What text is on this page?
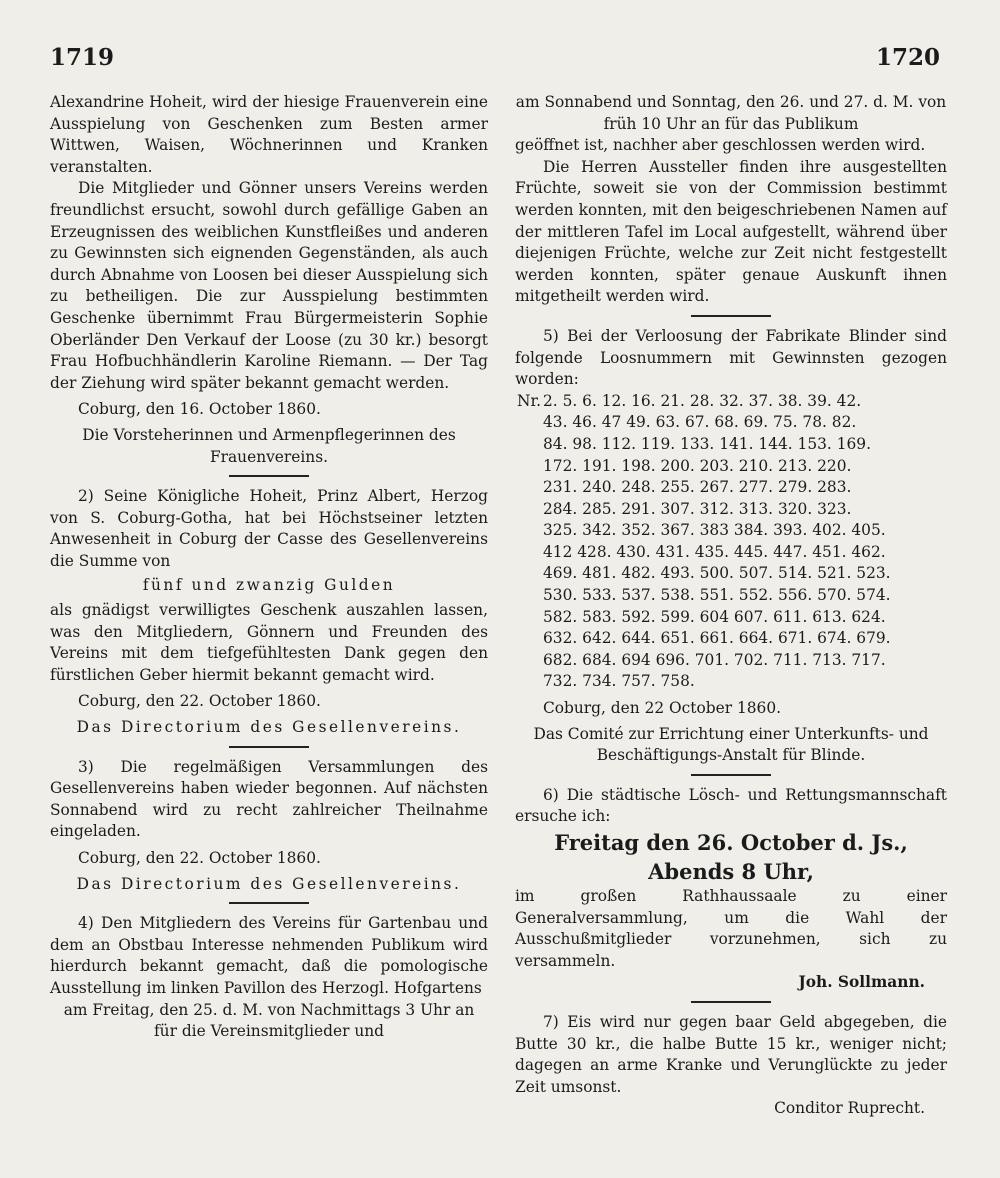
1719	1720

Alexandrine Hoheit, wird der hiesige Frauenverein eine Ausspielung von Geschenken zum Besten armer Wittwen, Waisen, Wöchnerinnen und Kranken veranstalten.

Die Mitglieder und Gönner unsers Vereins werden freundlichst ersucht, sowohl durch gefällige Gaben an Erzeugnissen des weiblichen Kunstfleißes und anderen zu Gewinnsten sich eignenden Gegenständen, als auch durch Abnahme von Loosen bei dieser Ausspielung sich zu betheiligen. Die zur Ausspielung bestimmten Geschenke übernimmt Frau Bürgermeisterin Sophie Oberländer Den Verkauf der Loose (zu 30 kr.) besorgt Frau Hofbuchhändlerin Karoline Riemann. — Der Tag der Ziehung wird später bekannt gemacht werden.

Coburg, den 16. October 1860.

Die Vorsteherinnen und Armenpflegerinnen des Frauenvereins.

2) Seine Königliche Hoheit, Prinz Albert, Herzog von S. Coburg-Gotha, hat bei Höchstseiner letzten Anwesenheit in Coburg der Casse des Gesellenvereins die Summe von

fünf und zwanzig Gulden

als gnädigst verwilligtes Geschenk auszahlen lassen, was den Mitgliedern, Gönnern und Freunden des Vereins mit dem tiefgefühltesten Dank gegen den fürstlichen Geber hiermit bekannt gemacht wird.

Coburg, den 22. October 1860.

Das Directorium des Gesellenvereins.

3) Die regelmäßigen Versammlungen des Gesellenvereins haben wieder begonnen. Auf nächsten Sonnabend wird zu recht zahlreicher Theilnahme eingeladen.

Coburg, den 22. October 1860.

Das Directorium des Gesellenvereins.

4) Den Mitgliedern des Vereins für Gartenbau und dem an Obstbau Interesse nehmenden Publikum wird hierdurch bekannt gemacht, daß die pomologische Ausstellung im linken Pavillon des Herzogl. Hofgartens

am Freitag, den 25. d. M. von Nachmittags 3 Uhr an für die Vereinsmitglieder und

am Sonnabend und Sonntag, den 26. und 27. d. M. von früh 10 Uhr an für das Publikum

geöffnet ist, nachher aber geschlossen werden wird.

Die Herren Aussteller finden ihre ausgestellten Früchte, soweit sie von der Commission bestimmt werden konnten, mit den beigeschriebenen Namen auf der mittleren Tafel im Local aufgestellt, während über diejenigen Früchte, welche zur Zeit nicht festgestellt werden konnten, später genaue Auskunft ihnen mitgetheilt werden wird.

5) Bei der Verloosung der Fabrikate Blinder sind folgende Loosnummern mit Gewinnsten gezogen worden:

Nr. 2. 5. 6. 12. 16. 21. 28. 32. 37. 38. 39. 42.
43. 46. 47 49. 63. 67. 68. 69. 75. 78. 82.
84. 98. 112. 119. 133. 141. 144. 153. 169.
172. 191. 198. 200. 203. 210. 213. 220.
231. 240. 248. 255. 267. 277. 279. 283.
284. 285. 291. 307. 312. 313. 320. 323.
325. 342. 352. 367. 383 384. 393. 402. 405.
412 428. 430. 431. 435. 445. 447. 451. 462.
469. 481. 482. 493. 500. 507. 514. 521. 523.
530. 533. 537. 538. 551. 552. 556. 570. 574.
582. 583. 592. 599. 604 607. 611. 613. 624.
632. 642. 644. 651. 661. 664. 671. 674. 679.
682. 684. 694 696. 701. 702. 711. 713. 717.
732. 734. 757. 758.

Coburg, den 22 October 1860.

Das Comité zur Errichtung einer Unterkunfts- und Beschäftigungs-Anstalt für Blinde.

6) Die städtische Lösch- und Rettungsmannschaft ersuche ich:

Freitag den 26. October d. Js.,

Abends 8 Uhr,

im großen Rathhaussaale zu einer Generalversammlung, um die Wahl der Ausschußmitglieder vorzunehmen, sich zu versammeln.

Joh. Sollmann.

7) Eis wird nur gegen baar Geld abgegeben, die Butte 30 kr., die halbe Butte 15 kr., weniger nicht; dagegen an arme Kranke und Verunglückte zu jeder Zeit umsonst.

Conditor Ruprecht.
